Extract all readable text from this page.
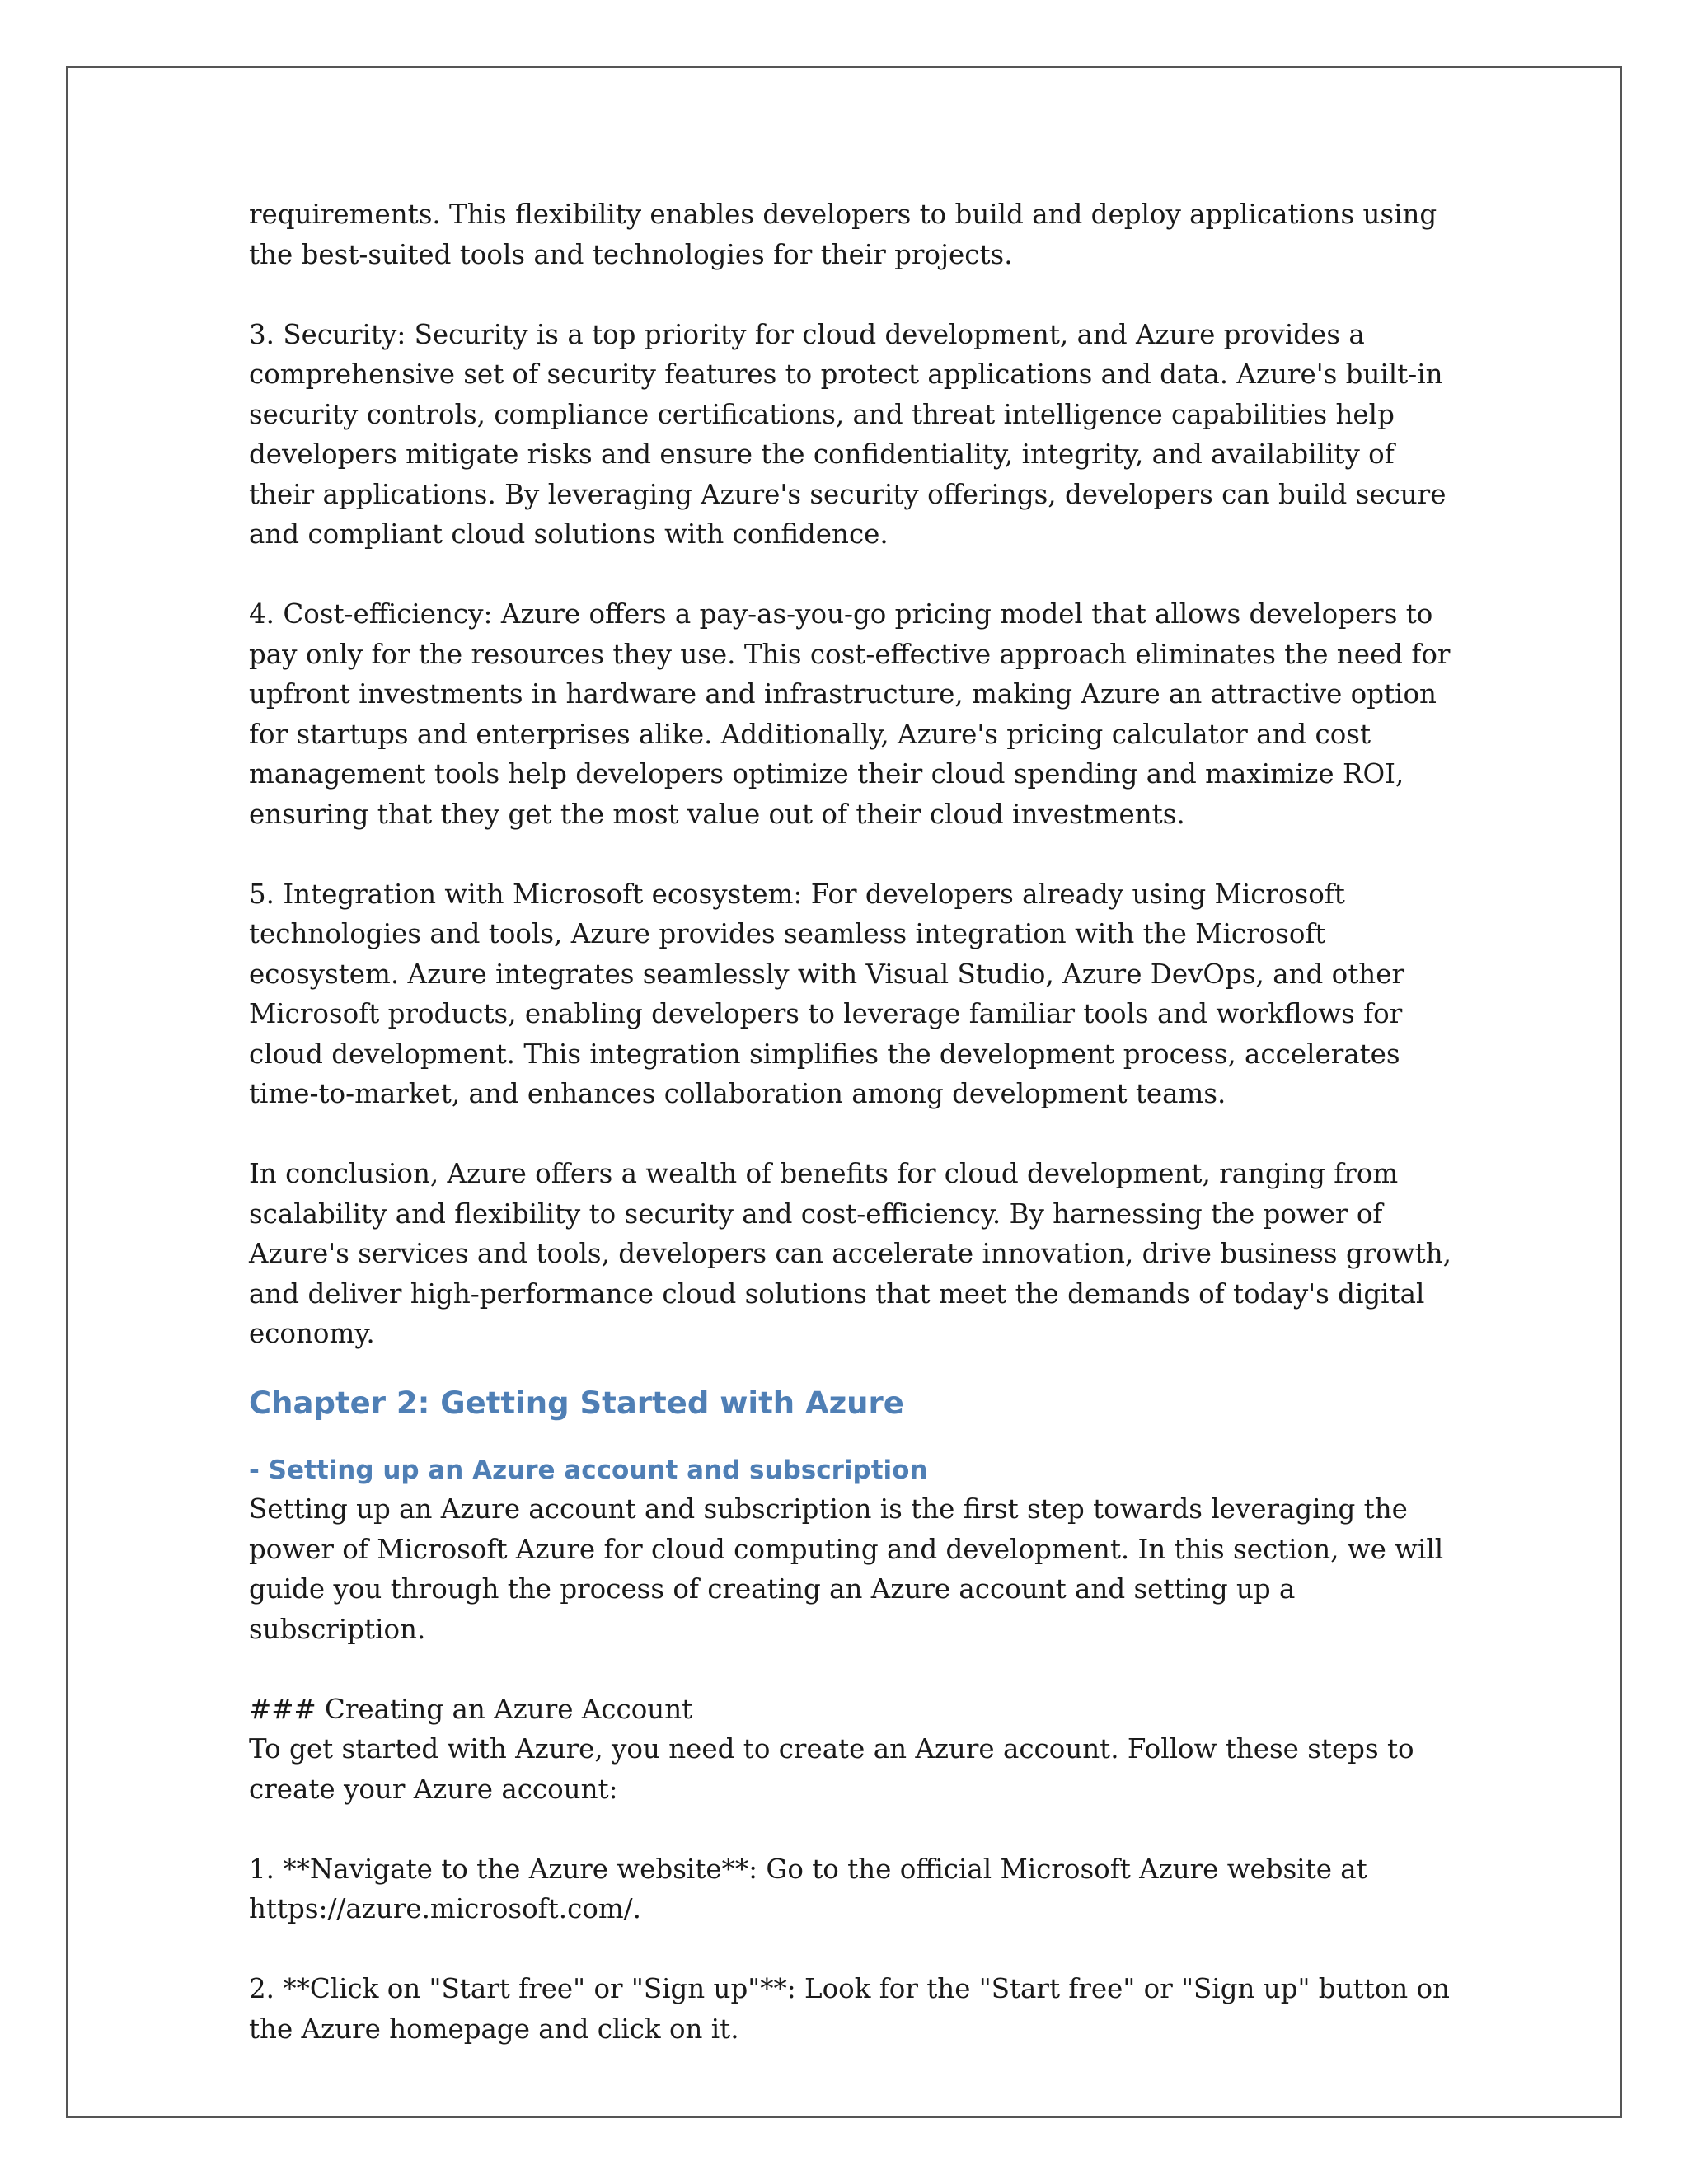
requirements. This flexibility enables developers to build and deploy applications using the best-suited tools and technologies for their projects.

3. Security: Security is a top priority for cloud development, and Azure provides a comprehensive set of security features to protect applications and data. Azure's built-in security controls, compliance certifications, and threat intelligence capabilities help developers mitigate risks and ensure the confidentiality, integrity, and availability of their applications. By leveraging Azure's security offerings, developers can build secure and compliant cloud solutions with confidence.

4. Cost-efficiency: Azure offers a pay-as-you-go pricing model that allows developers to pay only for the resources they use. This cost-effective approach eliminates the need for upfront investments in hardware and infrastructure, making Azure an attractive option for startups and enterprises alike. Additionally, Azure's pricing calculator and cost management tools help developers optimize their cloud spending and maximize ROI, ensuring that they get the most value out of their cloud investments.

5. Integration with Microsoft ecosystem: For developers already using Microsoft technologies and tools, Azure provides seamless integration with the Microsoft ecosystem. Azure integrates seamlessly with Visual Studio, Azure DevOps, and other Microsoft products, enabling developers to leverage familiar tools and workflows for cloud development. This integration simplifies the development process, accelerates time-to-market, and enhances collaboration among development teams.

In conclusion, Azure offers a wealth of benefits for cloud development, ranging from scalability and flexibility to security and cost-efficiency. By harnessing the power of Azure's services and tools, developers can accelerate innovation, drive business growth, and deliver high-performance cloud solutions that meet the demands of today's digital economy.

Chapter 2: Getting Started with Azure
- Setting up an Azure account and subscription

Setting up an Azure account and subscription is the first step towards leveraging the power of Microsoft Azure for cloud computing and development. In this section, we will guide you through the process of creating an Azure account and setting up a subscription.

### Creating an Azure Account

To get started with Azure, you need to create an Azure account. Follow these steps to create your Azure account:

1. **Navigate to the Azure website**: Go to the official Microsoft Azure website at https://azure.microsoft.com/.

2. **Click on "Start free" or "Sign up"**: Look for the "Start free" or "Sign up" button on the Azure homepage and click on it.
